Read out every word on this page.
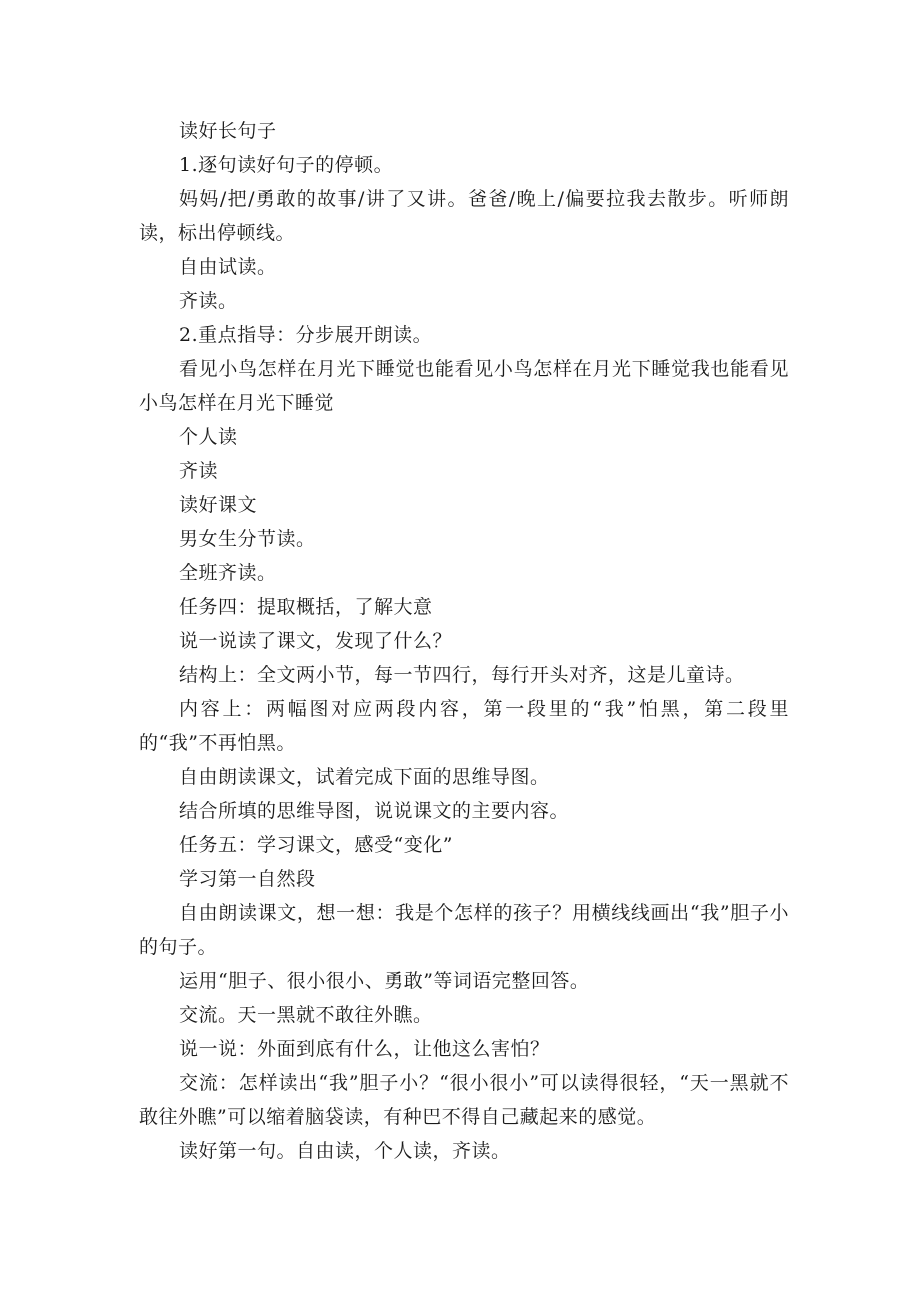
读好长句子

1.逐句读好句子的停顿。

妈妈/把/勇敢的故事/讲了又讲。爸爸/晚上/偏要拉我去散步。听师朗读，标出停顿线。

自由试读。

齐读。

2.重点指导：分步展开朗读。

看见小鸟怎样在月光下睡觉也能看见小鸟怎样在月光下睡觉我也能看见小鸟怎样在月光下睡觉

个人读

齐读

读好课文

男女生分节读。

全班齐读。

任务四：提取概括，了解大意

说一说读了课文，发现了什么？

结构上：全文两小节，每一节四行，每行开头对齐，这是儿童诗。

内容上：两幅图对应两段内容，第一段里的“我”怕黑，第二段里的“我”不再怕黑。

自由朗读课文，试着完成下面的思维导图。

结合所填的思维导图，说说课文的主要内容。

任务五：学习课文，感受“变化”

学习第一自然段

自由朗读课文，想一想：我是个怎样的孩子？用横线线画出“我”胆子小的句子。

运用“胆子、很小很小、勇敢”等词语完整回答。

交流。天一黑就不敢往外瞧。

说一说：外面到底有什么，让他这么害怕？

交流：怎样读出“我”胆子小？“很小很小”可以读得很轻，“天一黑就不敢往外瞧”可以缩着脑袋读，有种巴不得自己藏起来的感觉。

读好第一句。自由读，个人读，齐读。
